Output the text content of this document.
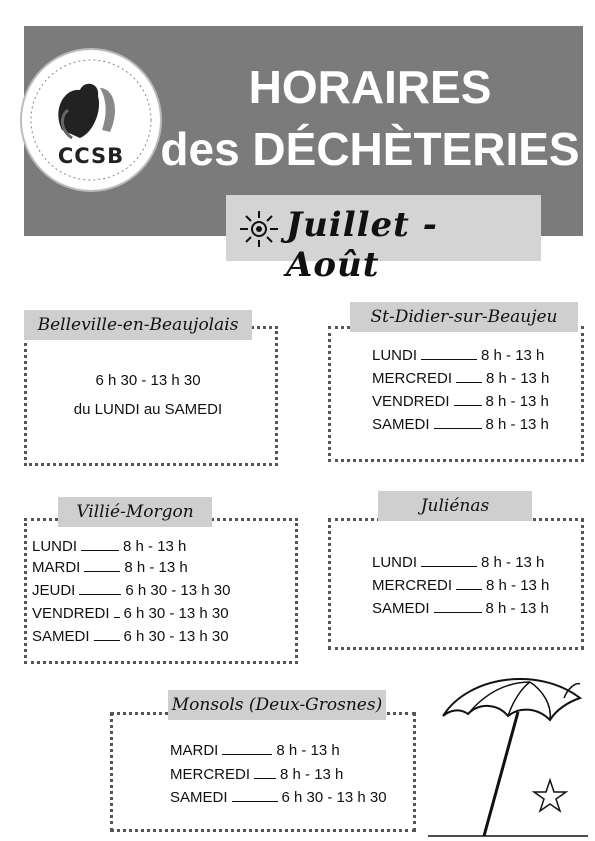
CCSB
HORAIRES
des DÉCHÈTERIES
Juillet - Août
Belleville-en-Beaujolais
6 h 30 - 13 h 30
du LUNDI au SAMEDI
St-Didier-sur-Beaujeu
LUNDI	8 h - 13 h
MERCREDI 8 h - 13 h
VENDREDI 8 h - 13 h
SAMEDI	8 h - 13 h
Villié-Morgon
LUNDI	8 h - 13 h
MARDI	8 h - 13 h
JEUDI	6 h 30 - 13 h 30
VENDREDI 6 h 30 - 13 h 30
SAMEDI 6 h 30 - 13 h 30
Juliénas
LUNDI	8 h - 13 h
MERCREDI 8 h - 13 h
SAMEDI	8 h - 13 h
Monsols (Deux-Grosnes)
MARDI	8 h - 13 h
MERCREDI 8 h - 13 h
SAMEDI	6 h 30 - 13 h 30
